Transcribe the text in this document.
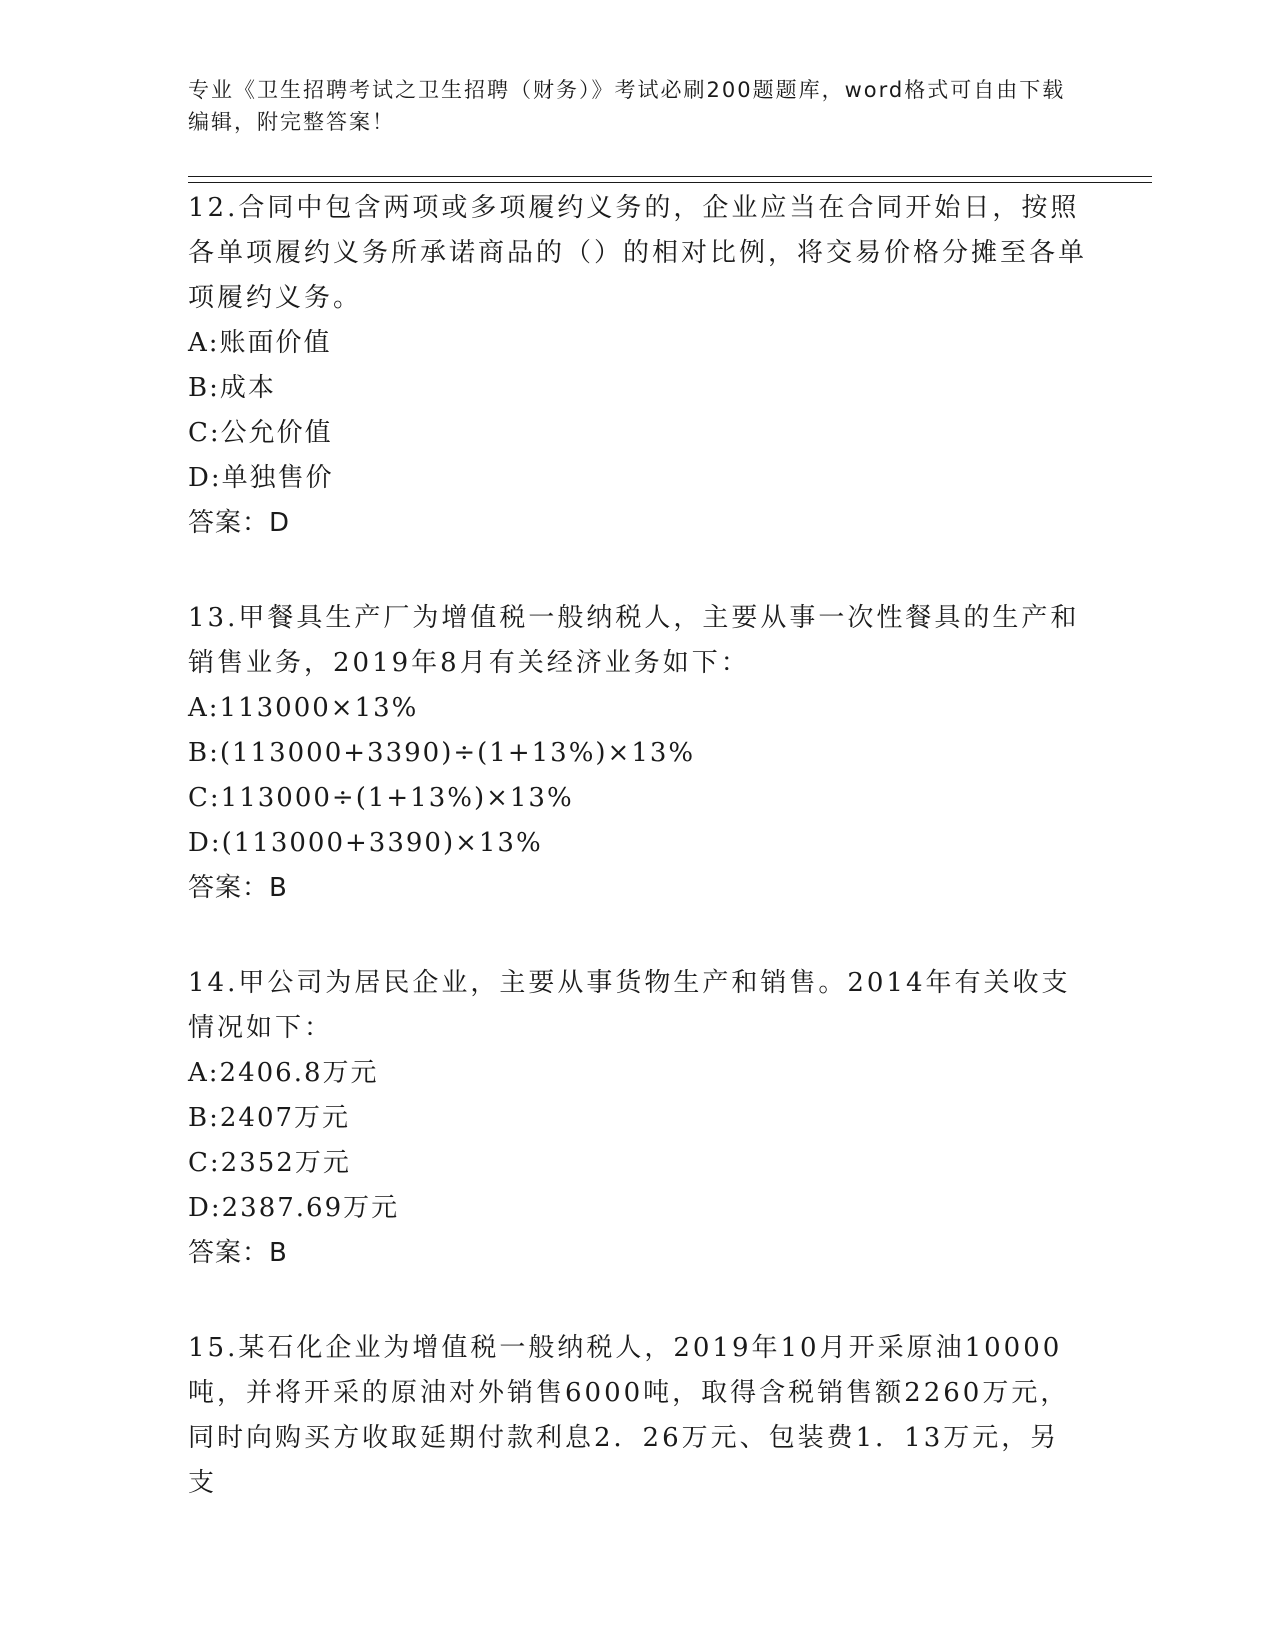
专业《卫生招聘考试之卫生招聘（财务）》考试必刷200题题库，word格式可自由下载编辑，附完整答案！

12.合同中包含两项或多项履约义务的，企业应当在合同开始日，按照各单项履约义务所承诺商品的（）的相对比例，将交易价格分摊至各单项履约义务。

A:账面价值

B:成本

C:公允价值

D:单独售价

答案：D

13.甲餐具生产厂为增值税一般纳税人，主要从事一次性餐具的生产和销售业务，2019年8月有关经济业务如下：

A:113000×13%

B:(113000+3390)÷(1+13%)×13%

C:113000÷(1+13%)×13%

D:(113000+3390)×13%

答案：B

14.甲公司为居民企业，主要从事货物生产和销售。2014年有关收支情况如下：

A:2406.8万元

B:2407万元

C:2352万元

D:2387.69万元

答案：B

15.某石化企业为增值税一般纳税人，2019年10月开采原油10000吨，并将开采的原油对外销售6000吨，取得含税销售额2260万元，同时向购买方收取延期付款利息2．26万元、包装费1．13万元，另支
